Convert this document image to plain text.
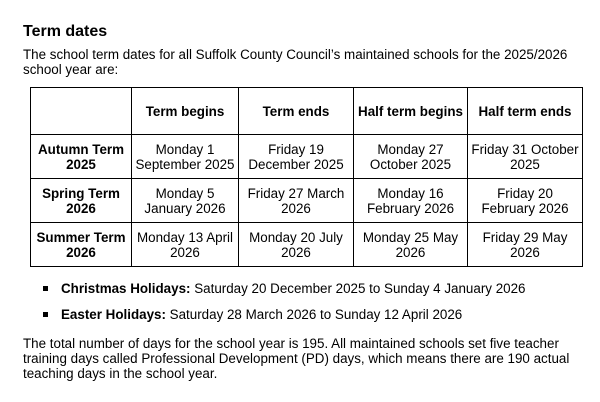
Term dates
The school term dates for all Suffolk County Council’s maintained schools for the 2025/2026 school year are:
	Term begins	Term ends	Half term begins	Half term ends
Autumn Term 2025	Monday 1 September 2025	Friday 19 December 2025	Monday 27 October 2025	Friday 31 October 2025
Spring Term 2026	Monday 5 January 2026	Friday 27 March 2026	Monday 16 February 2026	Friday 20 February 2026
Summer Term 2026	Monday 13 April 2026	Monday 20 July 2026	Monday 25 May 2026	Friday 29 May 2026
Christmas Holidays: Saturday 20 December 2025 to Sunday 4 January 2026
Easter Holidays: Saturday 28 March 2026 to Sunday 12 April 2026
The total number of days for the school year is 195. All maintained schools set five teacher training days called Professional Development (PD) days, which means there are 190 actual teaching days in the school year.
